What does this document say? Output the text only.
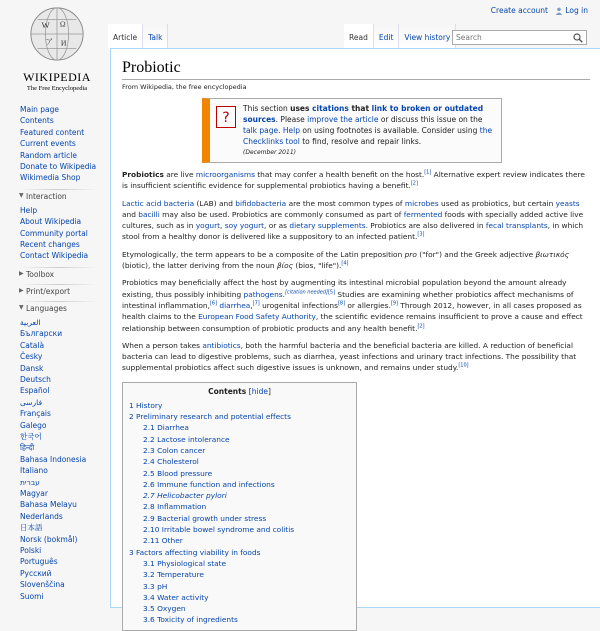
Create account	Log in
W Ω
ア И
WIKIPEDIA
The Free Encyclopedia
Article	Talk	Read	Edit	View history
Search
Main page
Contents
Featured content
Current events
Random article
Donate to Wikipedia
Wikimedia Shop
▼ Interaction
Help
About Wikipedia
Community portal
Recent changes
Contact Wikipedia
▶ Toolbox
▶ Print/export
▼ Languages
العربية
Български
Català
Česky
Dansk
Deutsch
Español
فارسی
Français
Galego
한국어
हिन्दी
Bahasa Indonesia
Italiano
עברית
Magyar
Bahasa Melayu
Nederlands
日本語
Norsk (bokmål)
Polski
Português
Русский
Slovenščina
Suomi
Probiotic
From Wikipedia, the free encyclopedia
?
This section uses citations that link to broken or outdated sources. Please improve the article or discuss this issue on the talk page. Help on using footnotes is available. Consider using the Checklinks tool to find, resolve and repair links.
(December 2011)

Probiotics are live microorganisms that may confer a health benefit on the host.[1] Alternative expert review indicates there is insufficient scientific evidence for supplemental probiotics having a benefit.[2]

Lactic acid bacteria (LAB) and bifidobacteria are the most common types of microbes used as probiotics, but certain yeasts and bacilli may also be used. Probiotics are commonly consumed as part of fermented foods with specially added active live cultures, such as in yogurt, soy yogurt, or as dietary supplements. Probiotics are also delivered in fecal transplants, in which stool from a healthy donor is delivered like a suppository to an infected patient.[3]

Etymologically, the term appears to be a composite of the Latin preposition pro ("for") and the Greek adjective βιωτικός (biotic), the latter deriving from the noun βίος (bios, "life").[4]

Probiotics may beneficially affect the host by augmenting its intestinal microbial population beyond the amount already existing, thus possibly inhibiting pathogens.[citation needed][5] Studies are examining whether probiotics affect mechanisms of intestinal inflammation,[6] diarrhea,[7] urogenital infections[8] or allergies.[9] Through 2012, however, in all cases proposed as health claims to the European Food Safety Authority, the scientific evidence remains insufficient to prove a cause and effect relationship between consumption of probiotic products and any health benefit.[2]

When a person takes antibiotics, both the harmful bacteria and the beneficial bacteria are killed. A reduction of beneficial bacteria can lead to digestive problems, such as diarrhea, yeast infections and urinary tract infections. The possibility that supplemental probiotics affect such digestive issues is unknown, and remains under study.[10]

Contents [hide]
1 History
2 Preliminary research and potential effects
2.1 Diarrhea
2.2 Lactose intolerance
2.3 Colon cancer
2.4 Cholesterol
2.5 Blood pressure
2.6 Immune function and infections
2.7 Helicobacter pylori
2.8 Inflammation
2.9 Bacterial growth under stress
2.10 Irritable bowel syndrome and colitis
2.11 Other
3 Factors affecting viability in foods
3.1 Physiological state
3.2 Temperature
3.3 pH
3.4 Water activity
3.5 Oxygen
3.6 Toxicity of ingredients
